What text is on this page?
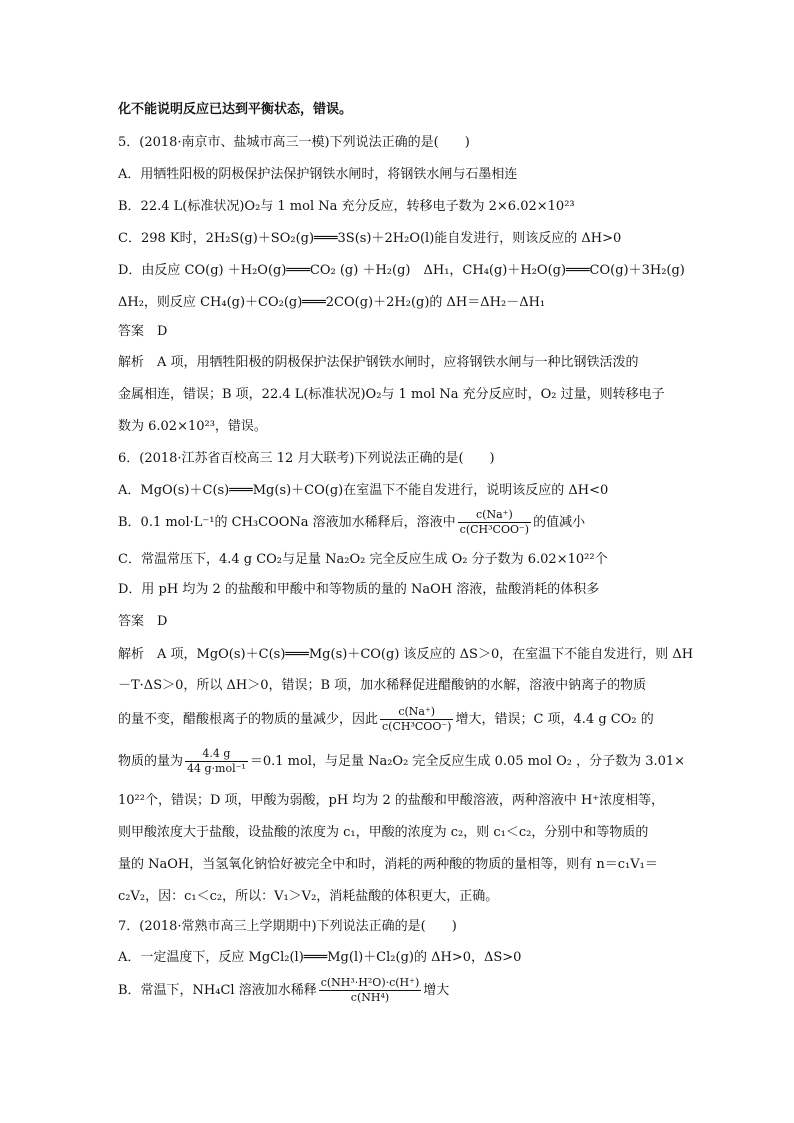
化不能说明反应已达到平衡状态，错误。
5．(2018·南京市、盐城市高三一模)下列说法正确的是(　　)
A．用牺牲阳极的阴极保护法保护钢铁水闸时，将钢铁水闸与石墨相连
B．22.4 L(标准状况)O₂与 1 mol Na 充分反应，转移电子数为 2×6.02×10²³
C．298 K时，2H₂S(g)＋SO₂(g)═══3S(s)＋2H₂O(l)能自发进行，则该反应的 ΔH>0
D．由反应 CO(g) ＋H₂O(g)═══CO₂ (g) ＋H₂(g)　ΔH₁，CH₄(g)＋H₂O(g)═══CO(g)＋3H₂(g)
ΔH₂，则反应 CH₄(g)＋CO₂(g)═══2CO(g)＋2H₂(g)的 ΔH＝ΔH₂－ΔH₁
答案　D
解析　A 项，用牺牲阳极的阴极保护法保护钢铁水闸时，应将钢铁水闸与一种比钢铁活泼的
金属相连，错误；B 项，22.4 L(标准状况)O₂与 1 mol Na 充分反应时，O₂ 过量，则转移电子
数为 6.02×10²³，错误。
6．(2018·江苏省百校高三 12 月大联考)下列说法正确的是(　　)
A．MgO(s)＋C(s)═══Mg(s)＋CO(g)在室温下不能自发进行，说明该反应的 ΔH<0
B．0.1 mol·L⁻¹的 CH₃COONa 溶液加水稀释后，溶液中 $\frac{c(Na^+)}{\text{c(CH³COO⁻)}}$ 的值减小
C．常温常压下，4.4 g CO₂与足量 Na₂O₂ 完全反应生成 O₂ 分子数为 6.02×10²²个
D．用 pH 均为 2 的盐酸和甲酸中和等物质的量的 NaOH 溶液，盐酸消耗的体积多
答案　D
解析　A 项，MgO(s)＋C(s)═══Mg(s)＋CO(g) 该反应的 ΔS＞0，在室温下不能自发进行，则 ΔH
－T·ΔS＞0，所以 ΔH＞0，错误；B 项，加水稀释促进醋酸钠的水解，溶液中钠离子的物质
的量不变，醋酸根离子的物质的量减少，因此 $\frac{c(Na^+)}{\text{c(CH³COO⁻)}}$ 增大，错误；C 项，4.4 g CO₂ 的
物质的量为 $\frac{4.4 g}{\text{44 g·mol⁻¹}} =0.1$ mol，与足量 Na₂O₂ 完全反应生成 0.05 mol O₂ ，分子数为 3.01×
10²²个，错误；D 项，甲酸为弱酸，pH 均为 2 的盐酸和甲酸溶液，两种溶液中 H⁺浓度相等，
则甲酸浓度大于盐酸，设盐酸的浓度为 c₁，甲酸的浓度为 c₂，则 c₁＜c₂，分别中和等物质的
量的 NaOH，当氢氧化钠恰好被完全中和时，消耗的两种酸的物质的量相等，则有 n＝c₁V₁＝
c₂V₂，因：c₁＜c₂，所以：V₁＞V₂，消耗盐酸的体积更大，正确。
7．(2018·常熟市高三上学期期中)下列说法正确的是(　　)
A．一定温度下，反应 MgCl₂(l)═══Mg(l)＋Cl₂(g)的 ΔH>0，ΔS>0
B．常温下，NH₄Cl 溶液加水稀释 $\frac{\text{c(NH³·H²O)·c(H⁺)}}{\text{c(NH⁴)}}$ 增大
